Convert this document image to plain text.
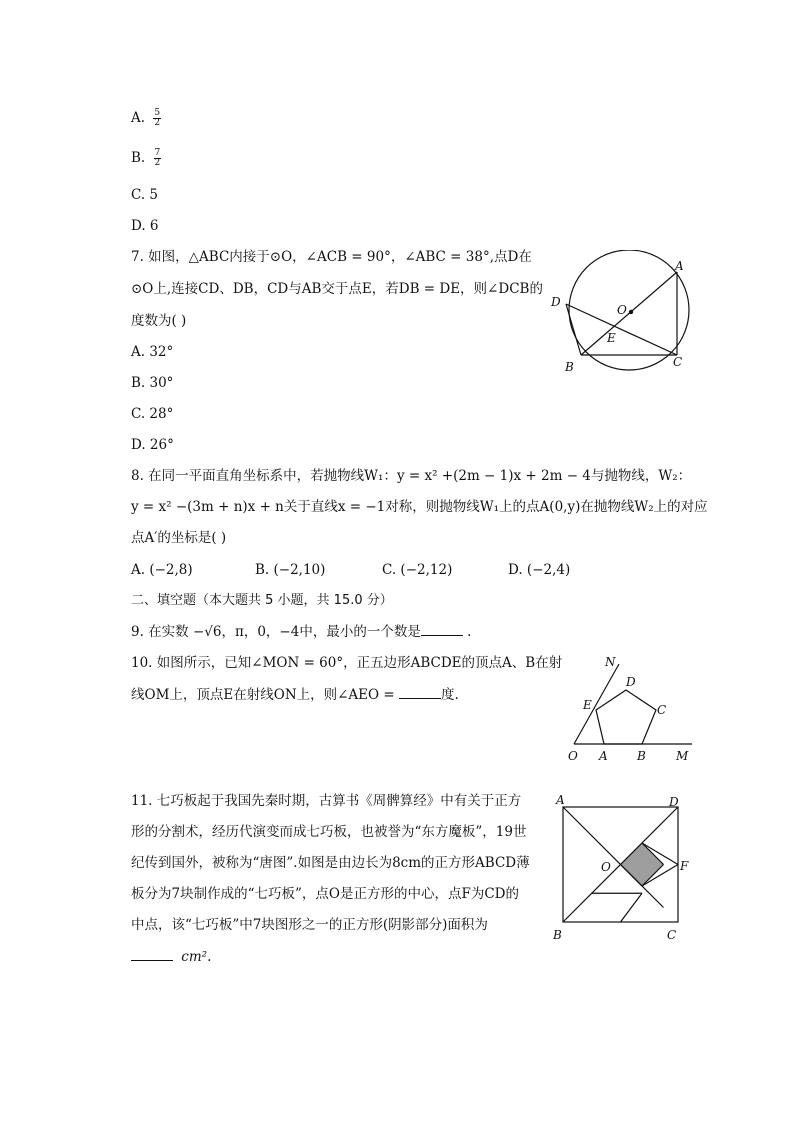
A. $\frac{5}{2}$
B. $\frac{7}{2}$
C. 5
D. 6
7. 如图，△ABC内接于⊙O，∠ACB = 90°，∠ABC = 38°,点D在
⊙O上,连接CD、DB，CD与AB交于点E，若DB = DE，则∠DCB的
度数为( )
A. 32°
B. 30°
C. 28°
D. 26°
A
B	C
D
E
O
8. 在同一平面直角坐标系中，若抛物线W₁：y = x² +(2m − 1)x + 2m − 4与抛物线，W₂：
y = x² −(3m + n)x + n关于直线x = −1对称，则抛物线W₁上的点A(0,y)在抛物线W₂上的对应
点A′的坐标是( )
A. (−2,8)	B. (−2,10)	C. (−2,12)	D. (−2,4)
二、填空题（本大题共 5 小题，共 15.0 分）
9. 在实数 −√6，π，0，−4中，最小的一个数是	.
10. 如图所示，已知∠MON = 60°，正五边形ABCDE的顶点A、B在射
线OM上，顶点E在射线ON上，则∠AEO =	度.
N
D
E	C
O A B	M
11. 七巧板起于我国先秦时期，古算书《周髀算经》中有关于正方
形的分割术，经历代演变而成七巧板，也被誉为“东方魔板”，19世
纪传到国外，被称为“唐图”.如图是由边长为8cm的正方形ABCD薄
板分为7块制作成的“七巧板”，点O是正方形的中心，点F为CD的
中点，该“七巧板”中7块图形之一的正方形(阴影部分)面积为
cm².
A	D
O	F
B	C
